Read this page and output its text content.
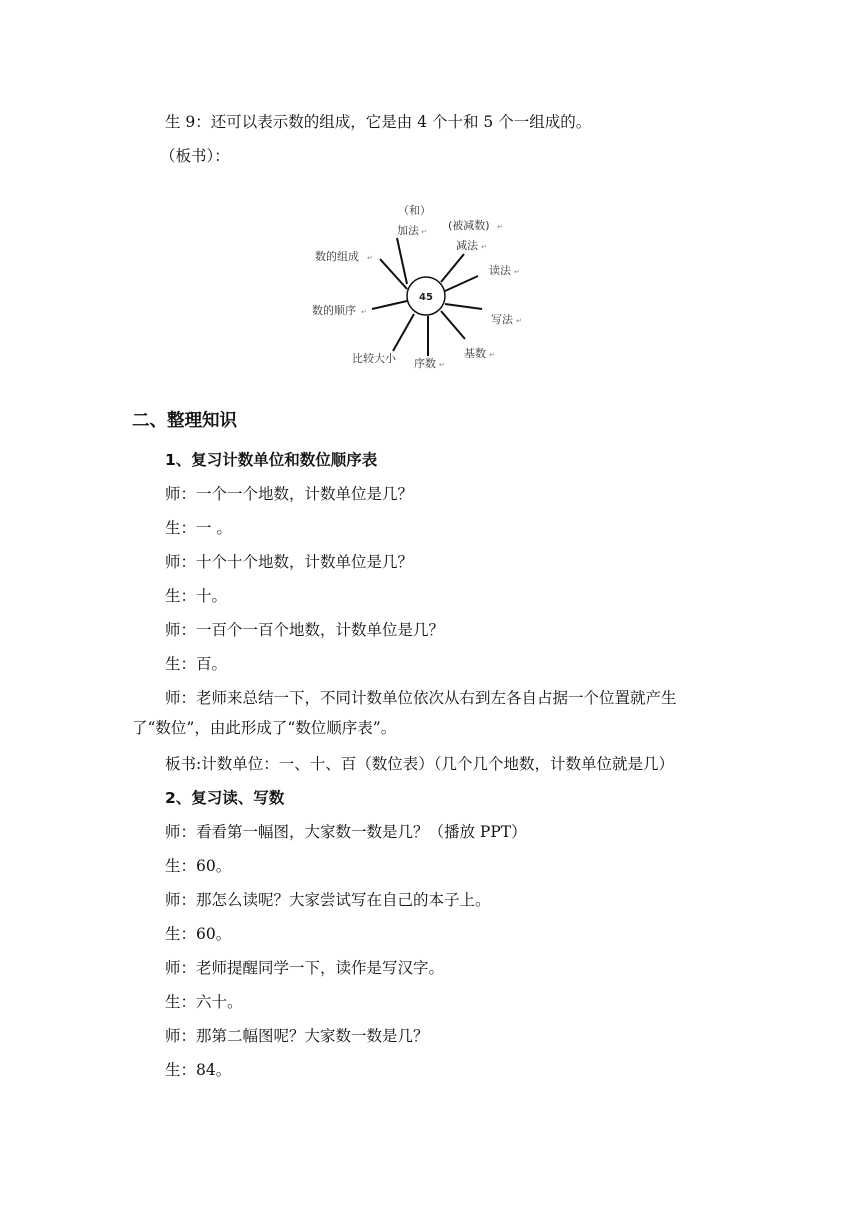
生 9：还可以表示数的组成，它是由 4 个十和 5 个一组成的。
（板书）：
45
（和）
加法 ↵ (被减数) ↵
减法 ↵
读法 ↵
写法 ↵
基数 ↵
序数 ↵
比较大小
数的顺序 ↵
数的组成 ↵
二、整理知识
1、复习计数单位和数位顺序表
师：一个一个地数，计数单位是几？
生：一 。
师：十个十个地数，计数单位是几？
生：十。
师：一百个一百个地数，计数单位是几？
生：百。
师：老师来总结一下，不同计数单位依次从右到左各自占据一个位置就产生
了“数位”，由此形成了“数位顺序表”。
板书:计数单位：一、十、百（数位表）（几个几个地数，计数单位就是几）
2、复习读、写数
师：看看第一幅图，大家数一数是几？（播放 PPT）
生：60。
师：那怎么读呢？大家尝试写在自己的本子上。
生：60。
师：老师提醒同学一下，读作是写汉字。
生：六十。
师：那第二幅图呢？大家数一数是几？
生：84。
